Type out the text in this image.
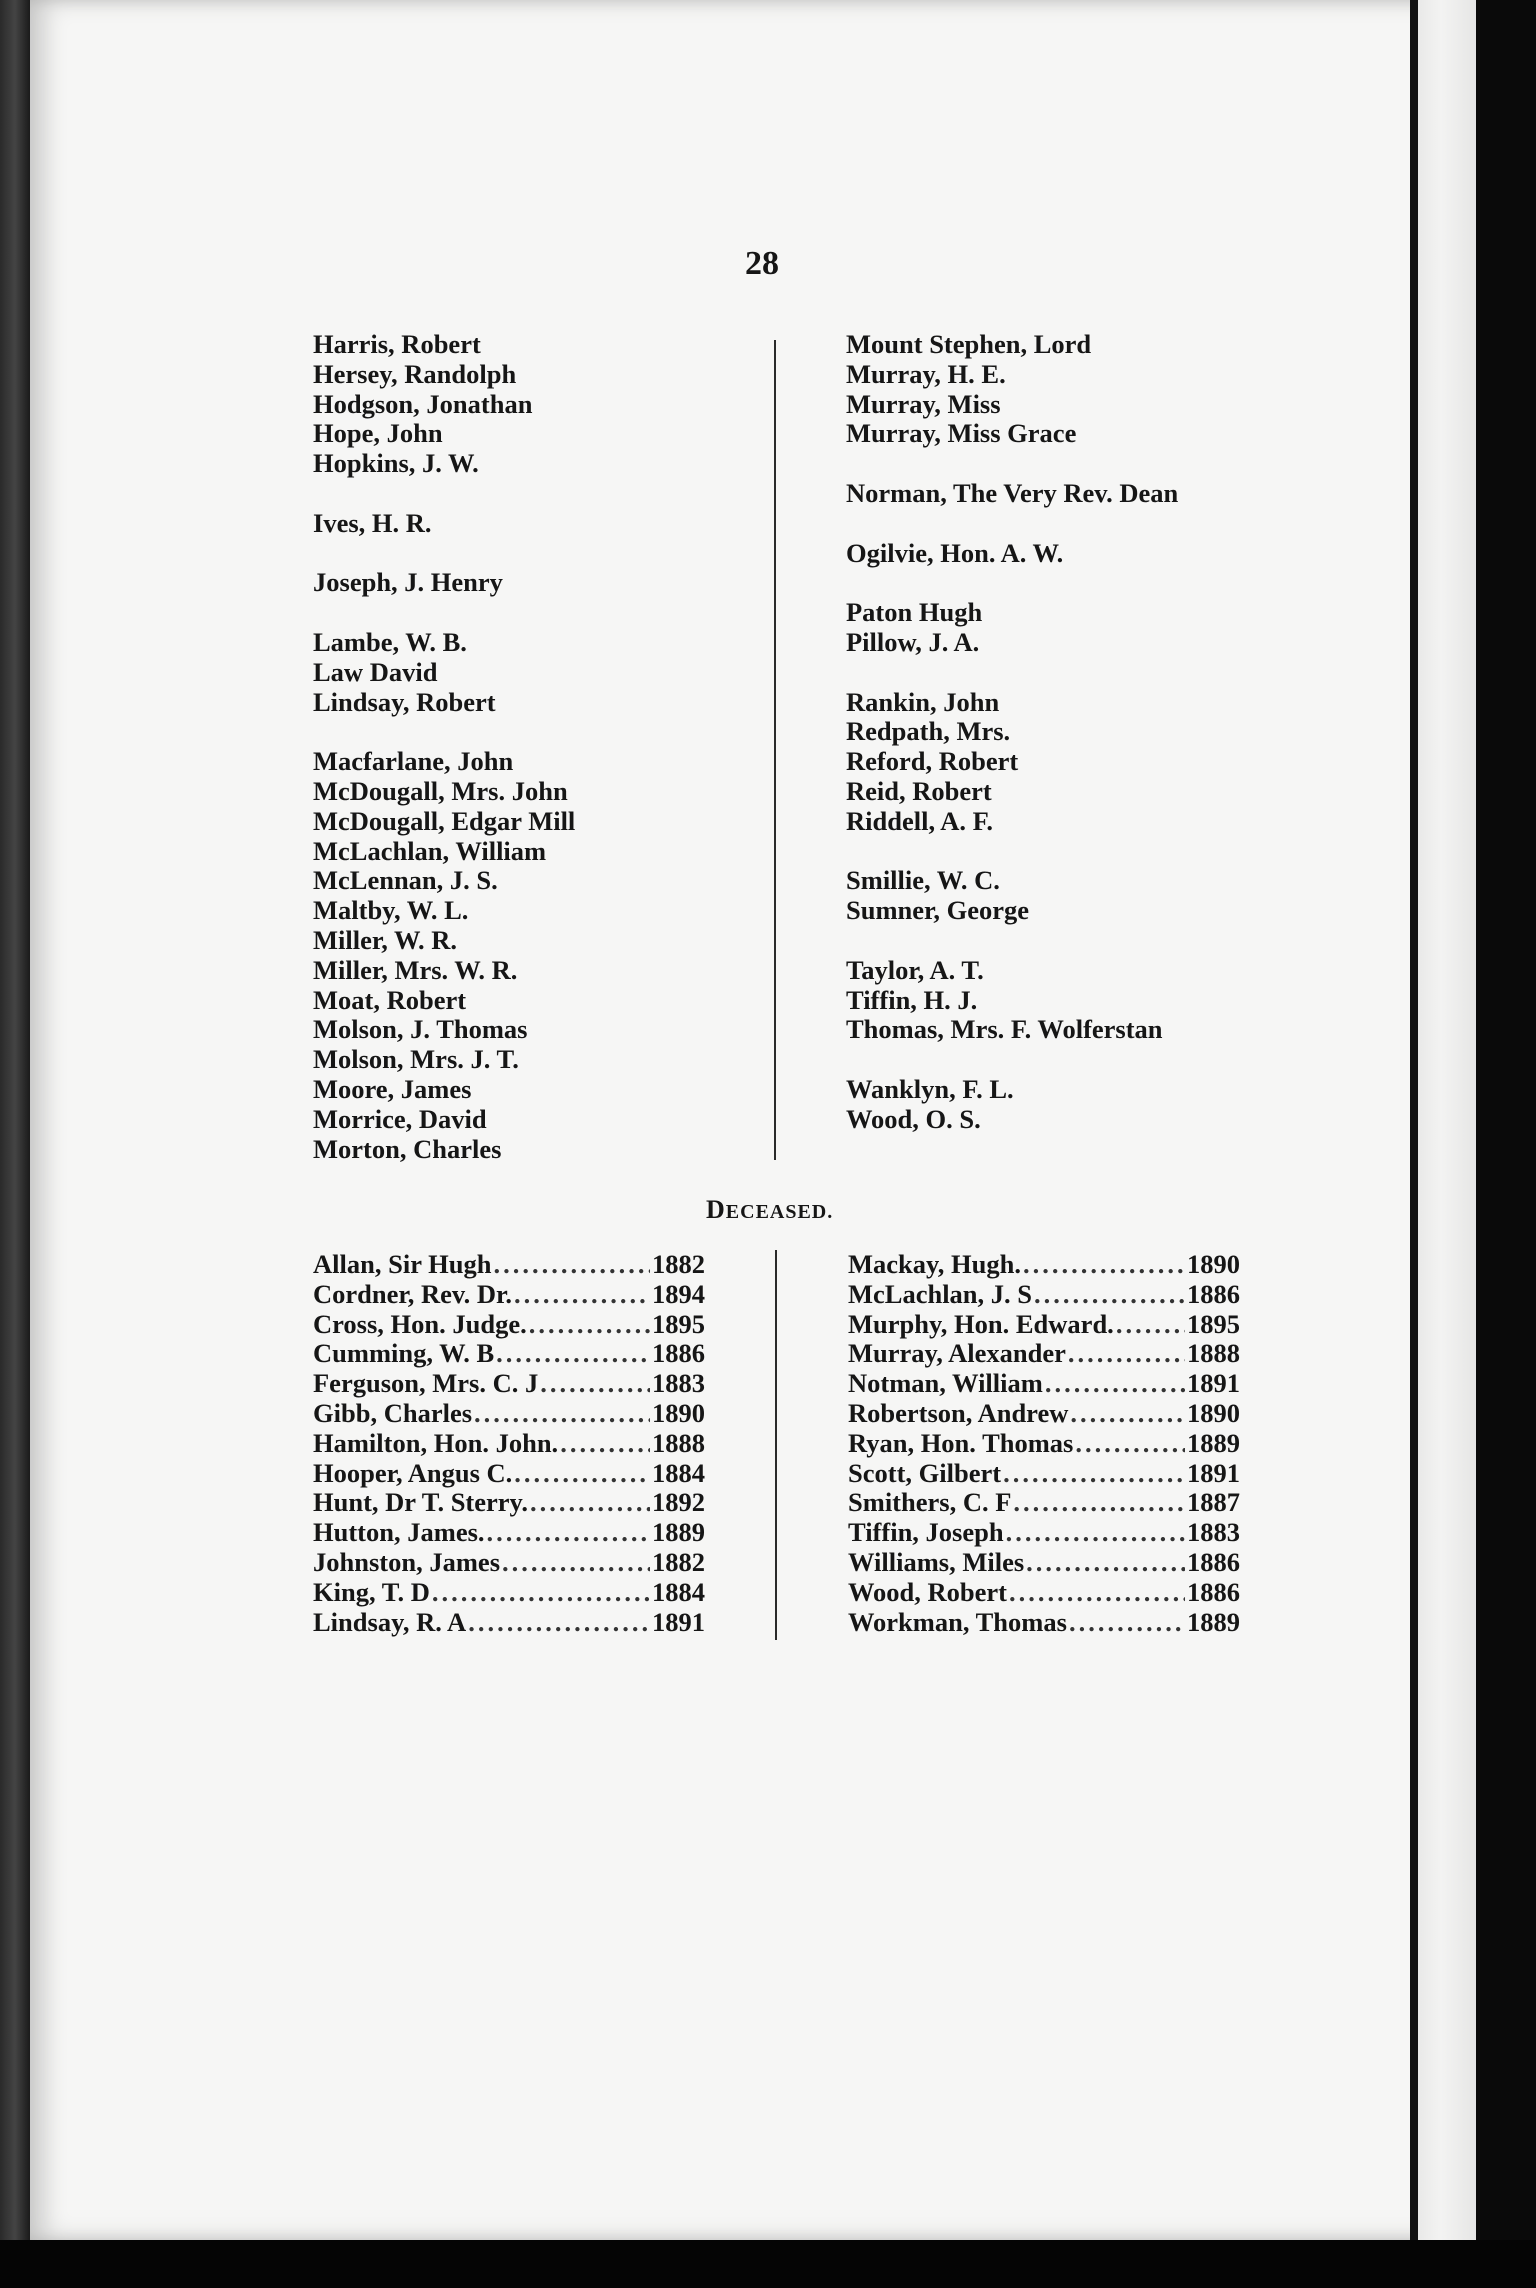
28
Harris, Robert
Hersey, Randolph
Hodgson, Jonathan
Hope, John
Hopkins, J. W.
Ives, H. R.
Joseph, J. Henry
Lambe, W. B.
Law David
Lindsay, Robert
Macfarlane, John
McDougall, Mrs. John
McDougall, Edgar Mill
McLachlan, William
McLennan, J. S.
Maltby, W. L.
Miller, W. R.
Miller, Mrs. W. R.
Moat, Robert
Molson, J. Thomas
Molson, Mrs. J. T.
Moore, James
Morrice, David
Morton, Charles
Mount Stephen, Lord
Murray, H. E.
Murray, Miss
Murray, Miss Grace
Norman, The Very Rev. Dean
Ogilvie, Hon. A. W.
Paton Hugh
Pillow, J. A.
Rankin, John
Redpath, Mrs.
Reford, Robert
Reid, Robert
Riddell, A. F.
Smillie, W. C.
Sumner, George
Taylor, A. T.
Tiffin, H. J.
Thomas, Mrs. F. Wolferstan
Wanklyn, F. L.
Wood, O. S.
DECEASED.
Allan, Sir Hugh .....	1882
Cordner, Rev. Dr. .....	1894
Cross, Hon. Judge. .....	1895
Cumming, W. B .....	1886
Ferguson, Mrs. C. J .....	1883
Gibb, Charles .....	1890
Hamilton, Hon. John. .....	1888
Hooper, Angus C. .....	1884
Hunt, Dr T. Sterry. .....	1892
Hutton, James. .....	1889
Johnston, James .....	1882
King, T. D .....	1884
Lindsay, R. A .....	1891
Mackay, Hugh. .....	1890
McLachlan, J. S .....	1886
Murphy, Hon. Edward. .....	1895
Murray, Alexander .....	1888
Notman, William .....	1891
Robertson, Andrew .....	1890
Ryan, Hon. Thomas .....	1889
Scott, Gilbert .....	1891
Smithers, C. F .....	1887
Tiffin, Joseph .....	1883
Williams, Miles .....	1886
Wood, Robert .....	1886
Workman, Thomas .....	1889
